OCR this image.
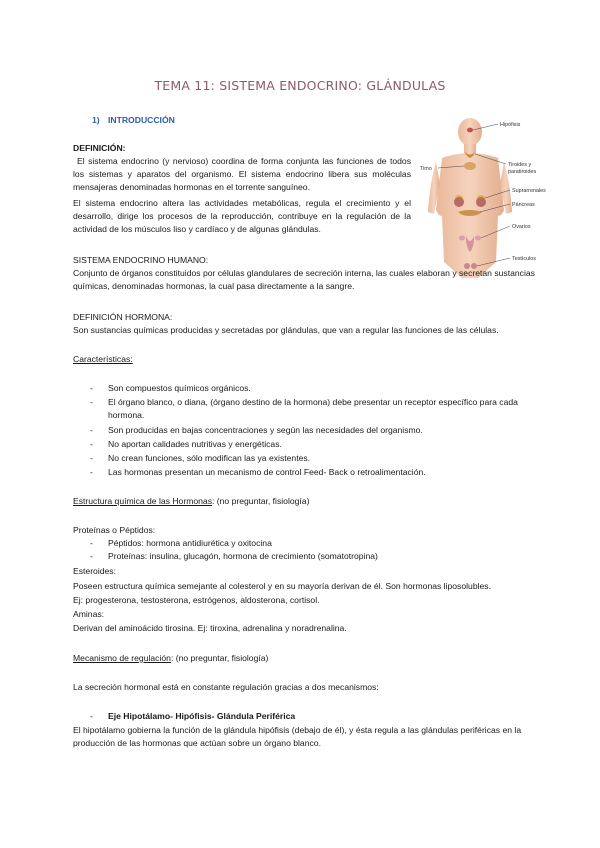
TEMA 11: SISTEMA ENDOCRINO: GLÁNDULAS
1) INTRODUCCIÓN
DEFINICIÓN:
El sistema endocrino (y nervioso) coordina de forma conjunta las funciones de todos los sistemas y aparatos del organismo. El sistema endocrino libera sus moléculas mensajeras denominadas hormonas en el torrente sanguíneo.
El sistema endocrino altera las actividades metabólicas, regula el crecimiento y el desarrollo, dirige los procesos de la reproducción, contribuye en la regulación de la actividad de los músculos liso y cardíaco y de algunas glándulas.
Hipófisis
Timo
Tiroides y
paratiroides
Suprarrenales
Páncreas
Ovarios
Testículos
SISTEMA ENDOCRINO HUMANO:
Conjunto de órganos constituidos por células glandulares de secreción interna, las cuales elaboran y secretan sustancias químicas, denominadas hormonas, la cual pasa directamente a la sangre.
DEFINICIÓN HORMONA:
Son sustancias químicas producidas y secretadas por glándulas, que van a regular las funciones de las células.
Características:
- Son compuestos químicos orgánicos.
- El órgano blanco, o diana, (órgano destino de la hormona) debe presentar un receptor específico para cada hormona.
- Son producidas en bajas concentraciones y según las necesidades del organismo.
- No aportan calidades nutritivas y energéticas.
- No crean funciones, sólo modifican las ya existentes.
- Las hormonas presentan un mecanismo de control Feed- Back o retroalimentación.
Estructura química de las Hormonas: (no preguntar, fisiología)
Proteínas o Péptidos:
- Péptidos: hormona antidiurética y oxitocina
- Proteínas: insulina, glucagón, hormona de crecimiento (somatotropina)
Esteroides:
Poseen estructura química semejante al colesterol y en su mayoría derivan de él. Son hormonas liposolubles.
Ej: progesterona, testosterona, estrógenos, aldosterona, cortisol.
Aminas:
Derivan del aminoácido tirosina. Ej: tiroxina, adrenalina y noradrenalina.
Mecanismo de regulación: (no preguntar, fisiología)
La secreción hormonal está en constante regulación gracias a dos mecanismos:
- Eje Hipotálamo- Hipófisis- Glándula Periférica
El hipotálamo gobierna la función de la glándula hipófisis (debajo de él), y ésta regula a las glándulas periféricas en la producción de las hormonas que actúan sobre un órgano blanco.
